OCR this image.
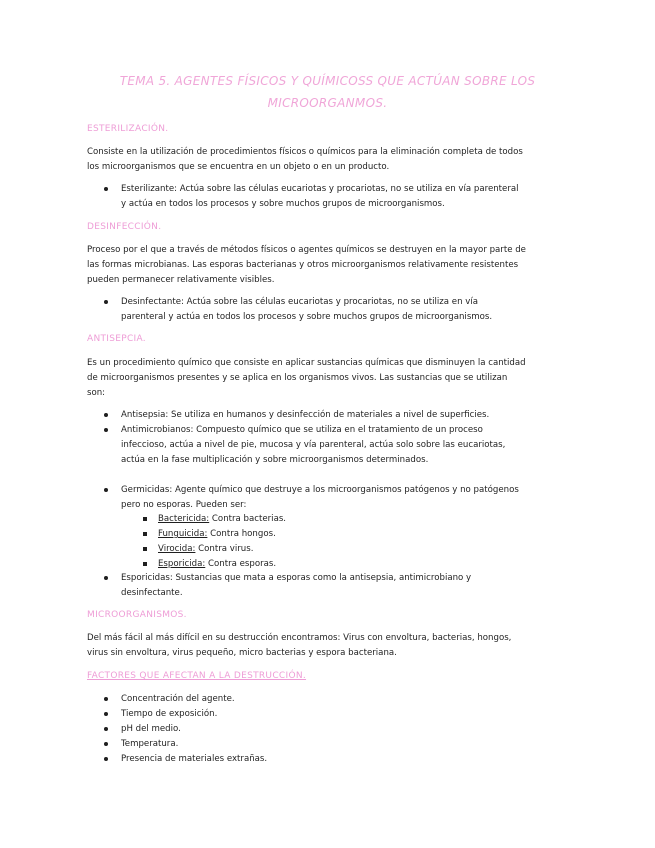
TEMA 5. AGENTES FÍSICOS Y QUÍMICOSS QUE ACTÚAN SOBRE LOS
MICROORGANMOS.
ESTERILIZACIÓN.
Consiste en la utilización de procedimientos físicos o químicos para la eliminación completa de todos los microorganismos que se encuentra en un objeto o en un producto.
Esterilizante: Actúa sobre las células eucariotas y procariotas, no se utiliza en vía parenteral y actúa en todos los procesos y sobre muchos grupos de microorganismos.
DESINFECCIÓN.
Proceso por el que a través de métodos físicos o agentes químicos se destruyen en la mayor parte de las formas microbianas. Las esporas bacterianas y otros microorganismos relativamente resistentes pueden permanecer relativamente visibles.
Desinfectante: Actúa sobre las células eucariotas y procariotas, no se utiliza en vía parenteral y actúa en todos los procesos y sobre muchos grupos de microorganismos.
ANTISEPCIA.
Es un procedimiento químico que consiste en aplicar sustancias químicas que disminuyen la cantidad de microorganismos presentes y se aplica en los organismos vivos. Las sustancias que se utilizan son:
Antisepsia: Se utiliza en humanos y desinfección de materiales a nivel de superficies.
Antimicrobianos: Compuesto químico que se utiliza en el tratamiento de un proceso infeccioso, actúa a nivel de pie, mucosa y vía parenteral, actúa solo sobre las eucariotas, actúa en la fase multiplicación y sobre microorganismos determinados.
Germicidas: Agente químico que destruye a los microorganismos patógenos y no patógenos pero no esporas. Pueden ser:
Bactericida: Contra bacterias.
Funguicida: Contra hongos.
Virocida: Contra virus.
Esporicida: Contra esporas.
Esporicidas: Sustancias que mata a esporas como la antisepsia, antimicrobiano y desinfectante.
MICROORGANISMOS.
Del más fácil al más difícil en su destrucción encontramos: Virus con envoltura, bacterias, hongos, virus sin envoltura, virus pequeño, micro bacterias y espora bacteriana.
FACTORES QUE AFECTAN A LA DESTRUCCIÓN.
Concentración del agente.
Tiempo de exposición.
pH del medio.
Temperatura.
Presencia de materiales extrañas.
